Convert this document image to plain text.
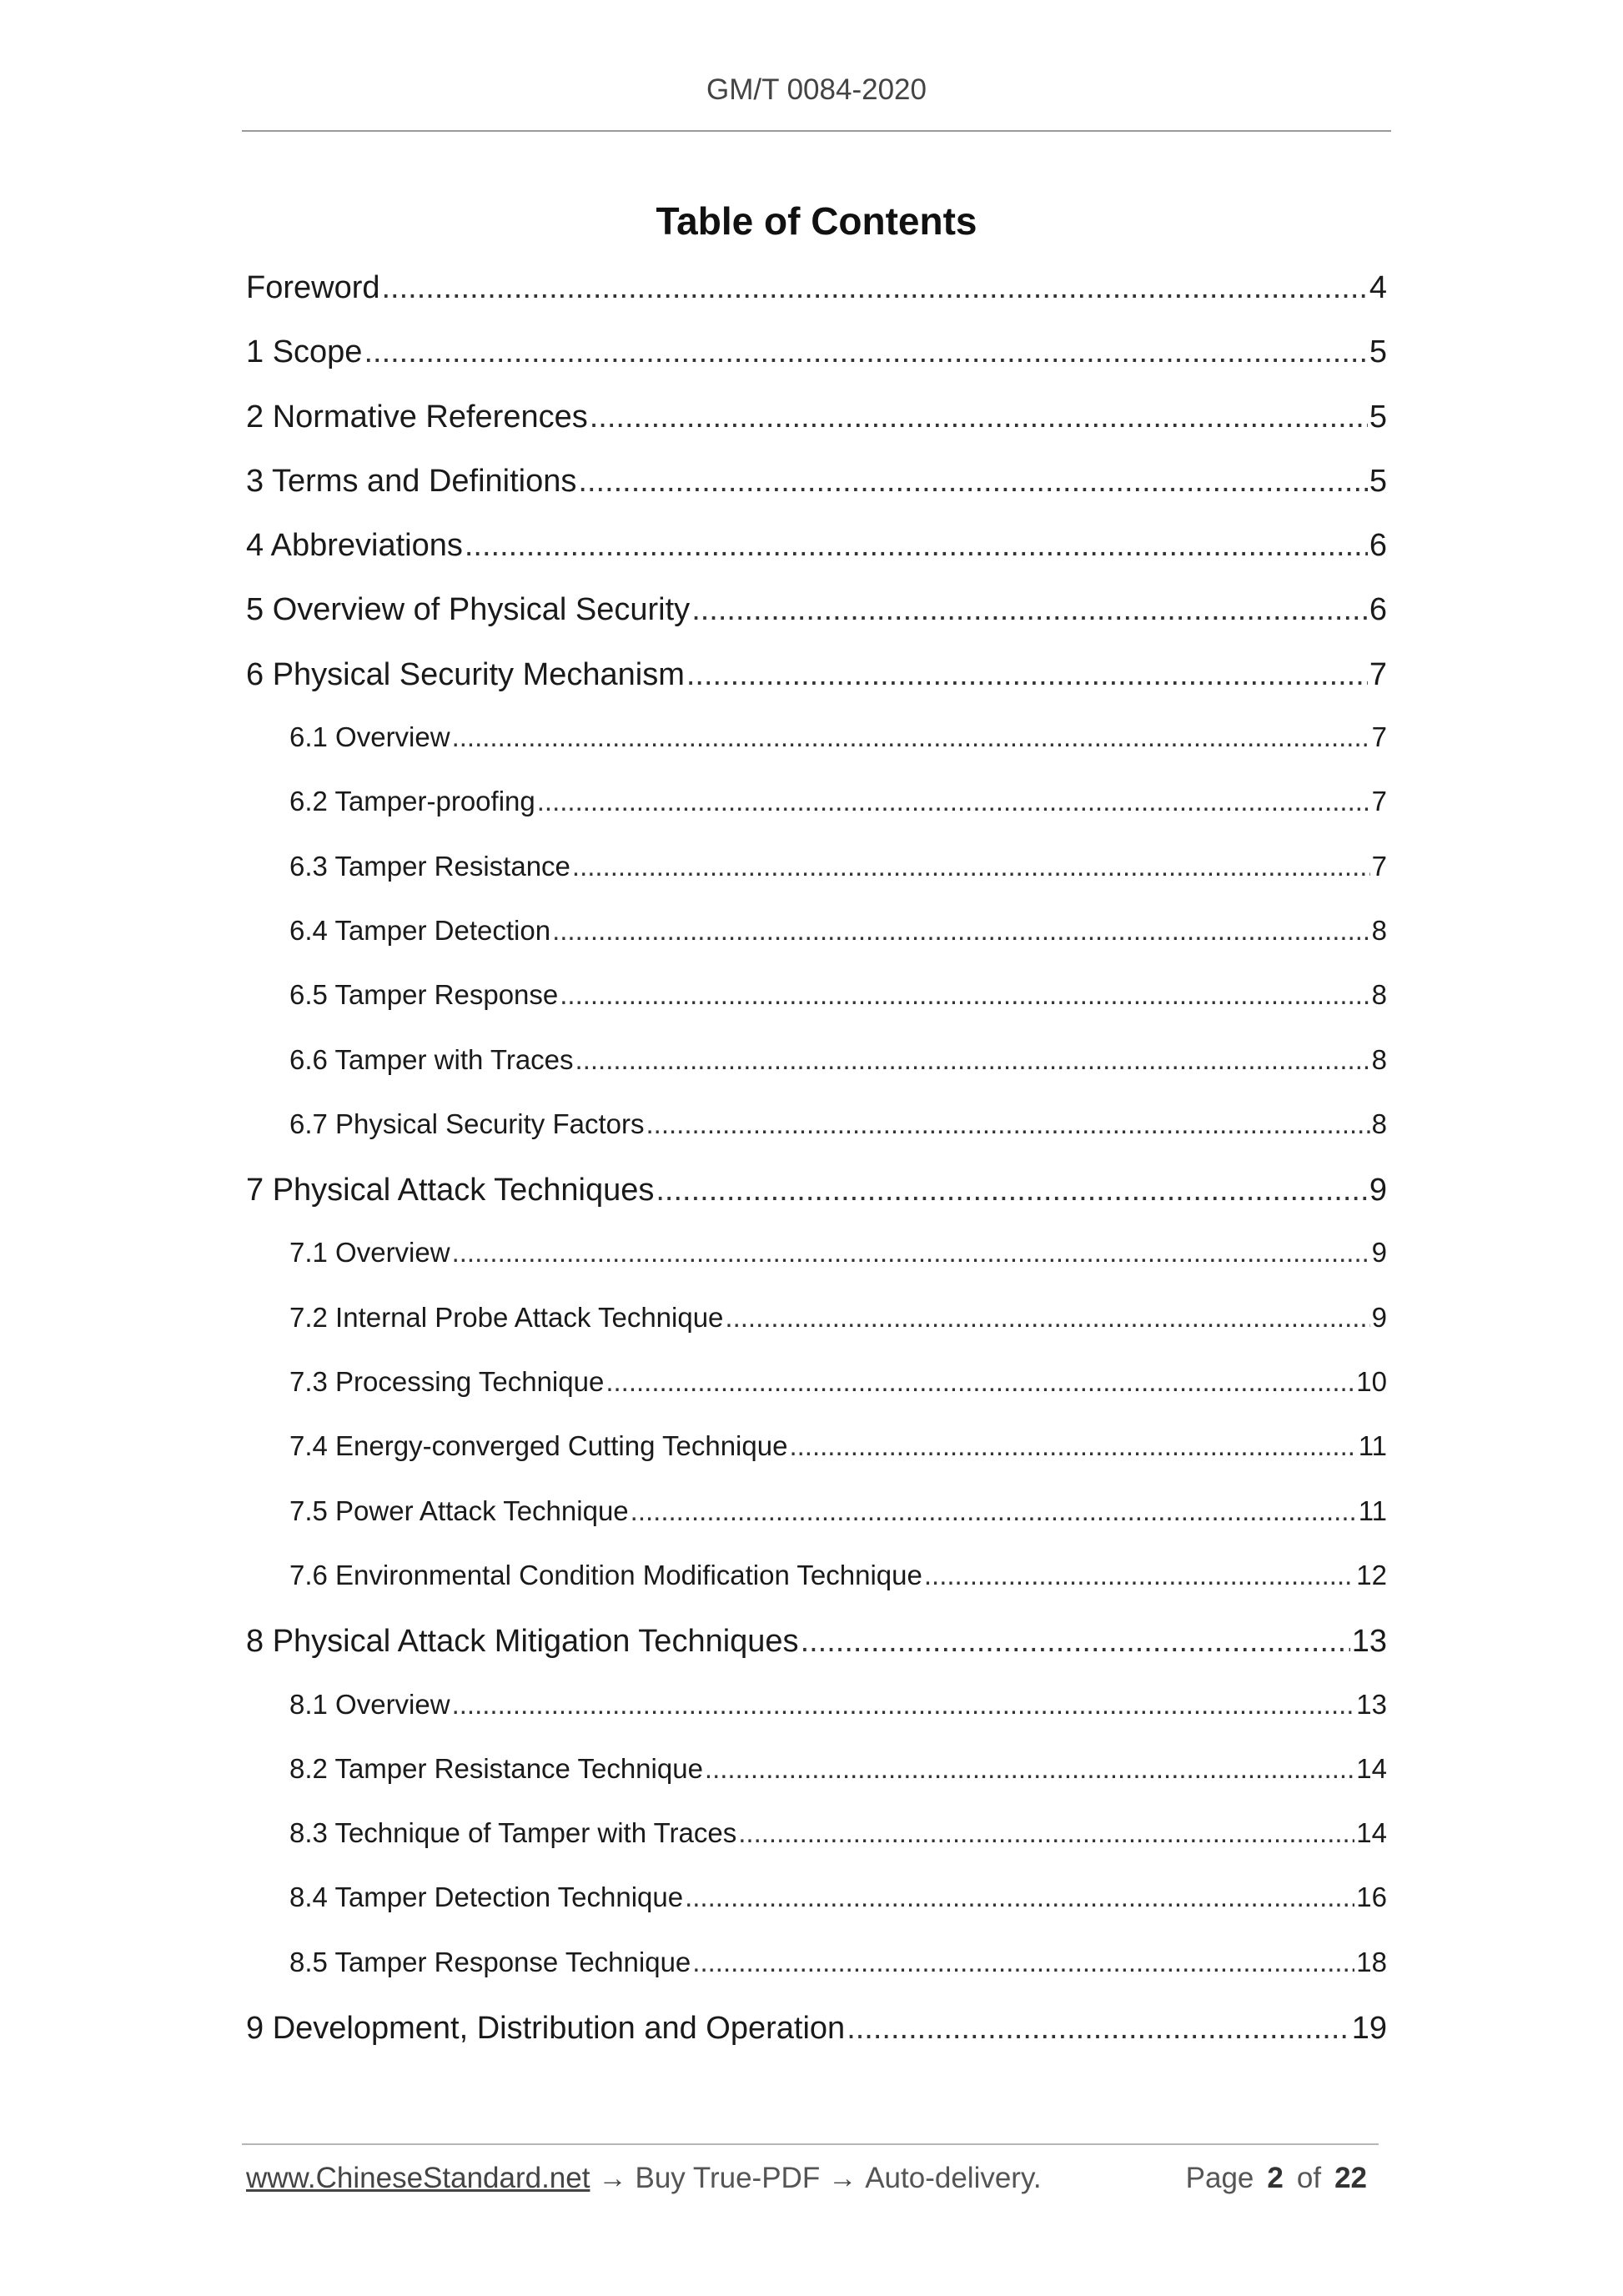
GM/T 0084-2020
Table of Contents
Foreword .....	4
1 Scope .....	5
2 Normative References .....	5
3 Terms and Definitions .....	5
4 Abbreviations .....	6
5 Overview of Physical Security .....	6
6 Physical Security Mechanism .....	7
6.1 Overview .....	7
6.2 Tamper-proofing .....	7
6.3 Tamper Resistance .....	7
6.4 Tamper Detection .....	8
6.5 Tamper Response .....	8
6.6 Tamper with Traces .....	8
6.7 Physical Security Factors .....	8
7 Physical Attack Techniques .....	9
7.1 Overview .....	9
7.2 Internal Probe Attack Technique .....	9
7.3 Processing Technique .....	10
7.4 Energy-converged Cutting Technique .....	11
7.5 Power Attack Technique .....	11
7.6 Environmental Condition Modification Technique .....	12
8 Physical Attack Mitigation Techniques .....	13
8.1 Overview .....	13
8.2 Tamper Resistance Technique .....	14
8.3 Technique of Tamper with Traces .....	14
8.4 Tamper Detection Technique .....	16
8.5 Tamper Response Technique .....	18
9 Development, Distribution and Operation .....	19
www.ChineseStandard.net → Buy True-PDF → Auto-delivery.	Page 2 of 22
